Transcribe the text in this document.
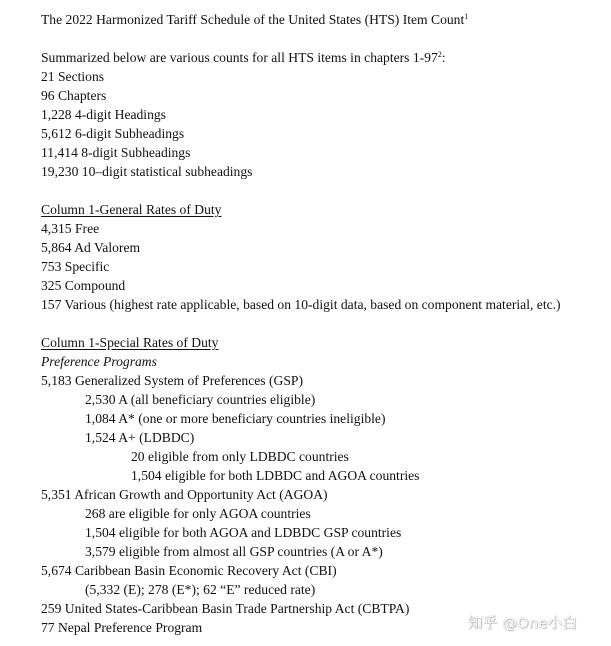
The 2022 Harmonized Tariff Schedule of the United States (HTS) Item Count$^1$
Summarized below are various counts for all HTS items in chapters $1-97^2$:
21 Sections
96 Chapters
1,228 4-digit Headings
5,612 6-digit Subheadings
11,414 8-digit Subheadings
19,230 10–digit statistical subheadings
Column 1-General Rates of Duty
4,315 Free
5,864 Ad Valorem
753 Specific
325 Compound
157 Various (highest rate applicable, based on 10-digit data, based on component material, etc.)
Column 1-Special Rates of Duty
Preference Programs
5,183 Generalized System of Preferences (GSP)
2,530 A (all beneficiary countries eligible)
1,084 A* (one or more beneficiary countries ineligible)
1,524 A+ (LDBDC)
20 eligible from only LDBDC countries
1,504 eligible for both LDBDC and AGOA countries
5,351 African Growth and Opportunity Act (AGOA)
268 are eligible for only AGOA countries
1,504 eligible for both AGOA and LDBDC GSP countries
3,579 eligible from almost all GSP countries (A or A*)
5,674 Caribbean Basin Economic Recovery Act (CBI)
(5,332 (E); 278 (E*); 62 “E” reduced rate)
259 United States-Caribbean Basin Trade Partnership Act (CBTPA)
77 Nepal Preference Program	知乎 @One小白
